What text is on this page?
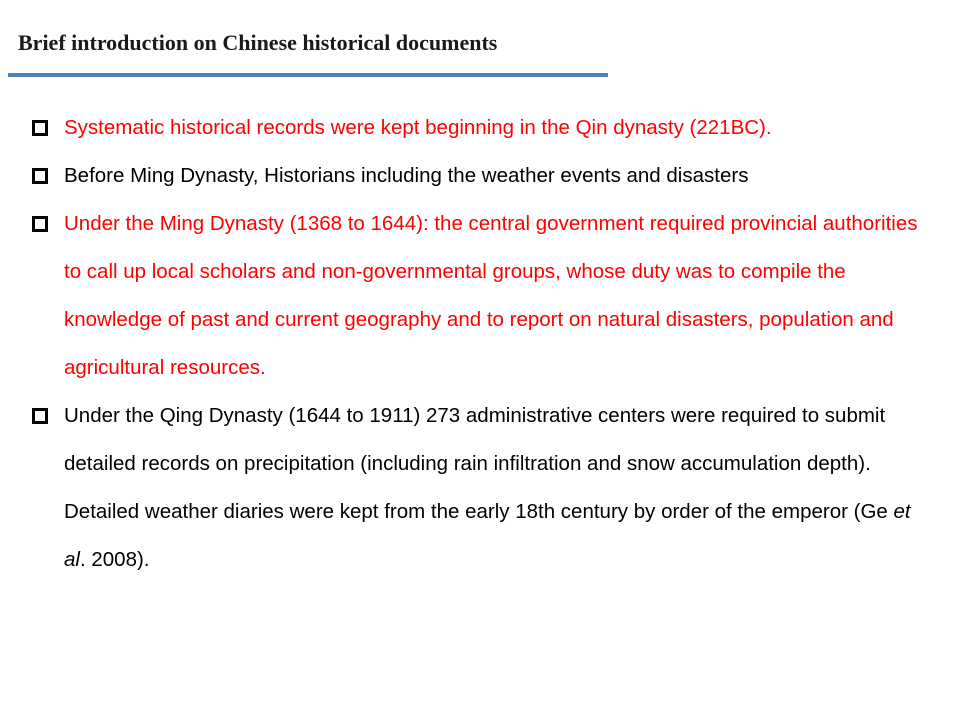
Brief introduction on Chinese historical documents
Systematic historical records were kept beginning in the Qin dynasty (221BC).
Before Ming Dynasty, Historians including the weather events and disasters
Under the Ming Dynasty (1368 to 1644): the central government required provincial authorities to call up local scholars and non-governmental groups, whose duty was to compile the knowledge of past and current geography and to report on natural disasters, population and agricultural resources.
Under the Qing Dynasty (1644 to 1911) 273 administrative centers were required to submit detailed records on precipitation (including rain infiltration and snow accumulation depth). Detailed weather diaries were kept from the early 18th century by order of the emperor (Ge et al. 2008).
